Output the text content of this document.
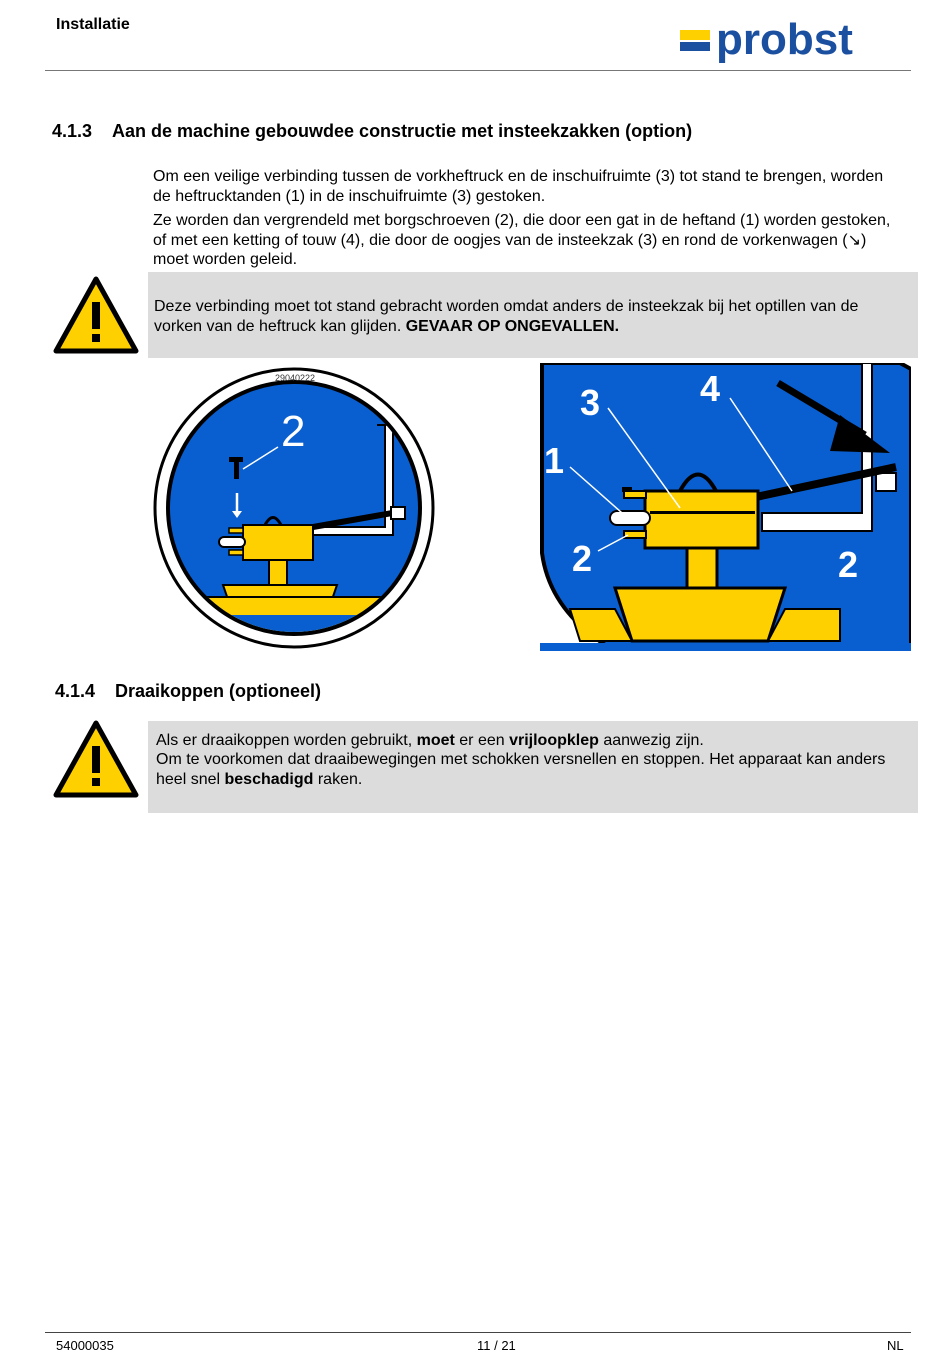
Installatie	probst
4.1.3 Aan de machine gebouwdee constructie met insteekzakken (option)
Om een veilige verbinding tussen de vorkheftruck en de inschuifruimte (3) tot stand te brengen, worden de heftrucktanden (1) in de inschuifruimte (3) gestoken.
Ze worden dan vergrendeld met borgschroeven (2), die door een gat in de heftand (1) worden gestoken, of met een ketting of touw (4), die door de oogjes van de insteekzak (3) en rond de vorkenwagen (↘) moet worden geleid.
Deze verbinding moet tot stand gebracht worden omdat anders de insteekzak bij het optillen van de vorken van de heftruck kan glijden. GEVAAR OP ONGEVALLEN.
2
29040222
3	4
1
2	2
4.1.4 Draaikoppen (optioneel)
Als er draaikoppen worden gebruikt, moet er een vrijloopklep aanwezig zijn.
Om te voorkomen dat draaibewegingen met schokken versnellen en stoppen. Het apparaat kan anders heel snel beschadigd raken.
54000035	11 / 21	NL
